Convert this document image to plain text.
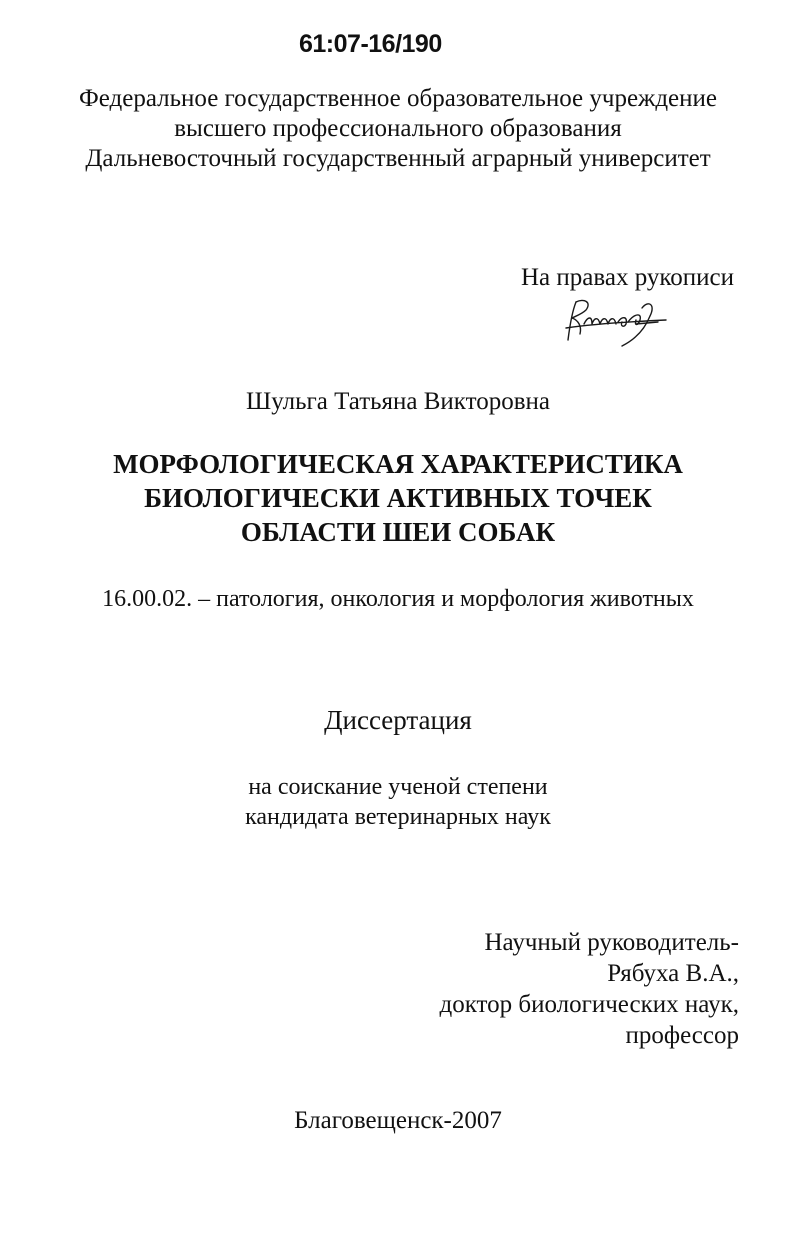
61:07-16/190
Федеральное государственное образовательное учреждение
высшего профессионального образования
Дальневосточный государственный аграрный университет
На правах рукописи
Шульга Татьяна Викторовна
МОРФОЛОГИЧЕСКАЯ ХАРАКТЕРИСТИКА
БИОЛОГИЧЕСКИ АКТИВНЫХ ТОЧЕК
ОБЛАСТИ ШЕИ СОБАК
16.00.02. – патология, онкология и морфология животных
Диссертация
на соискание ученой степени
кандидата ветеринарных наук
Научный руководитель-
Рябуха В.А.,
доктор биологических наук,
профессор
Благовещенск-2007
